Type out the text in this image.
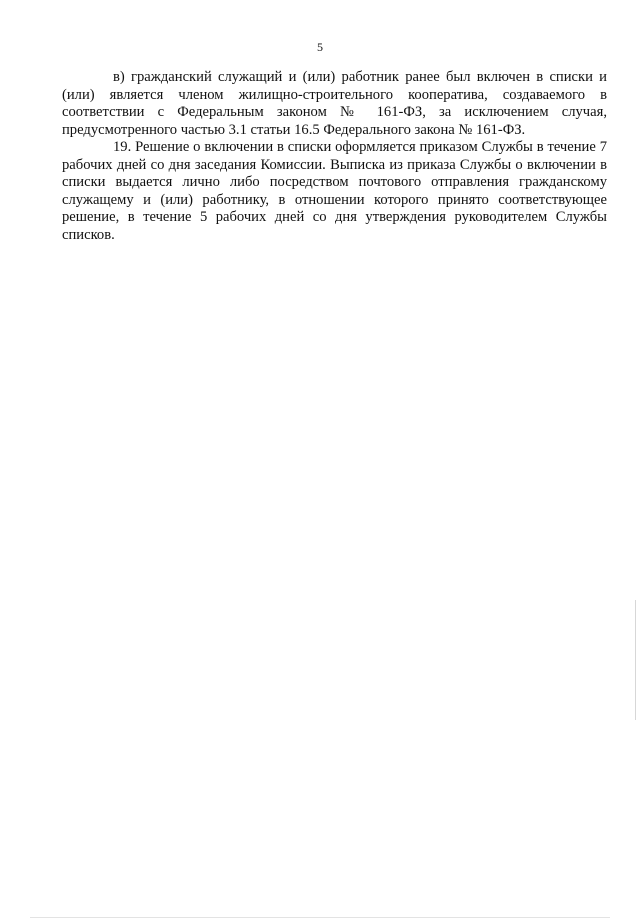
5

в) гражданский служащий и (или) работник ранее был включен в списки и (или) является членом жилищно-строительного кооператива, создаваемого в соответствии с Федеральным законом № 161-ФЗ, за исключением случая, предусмотренного частью 3.1 статьи 16.5 Федерального закона № 161-ФЗ.

19. Решение о включении в списки оформляется приказом Службы в течение 7 рабочих дней со дня заседания Комиссии. Выписка из приказа Службы о включении в списки выдается лично либо посредством почтового отправления гражданскому служащему и (или) работнику, в отношении которого принято соответствующее решение, в течение 5 рабочих дней со дня утверждения руководителем Службы списков.
